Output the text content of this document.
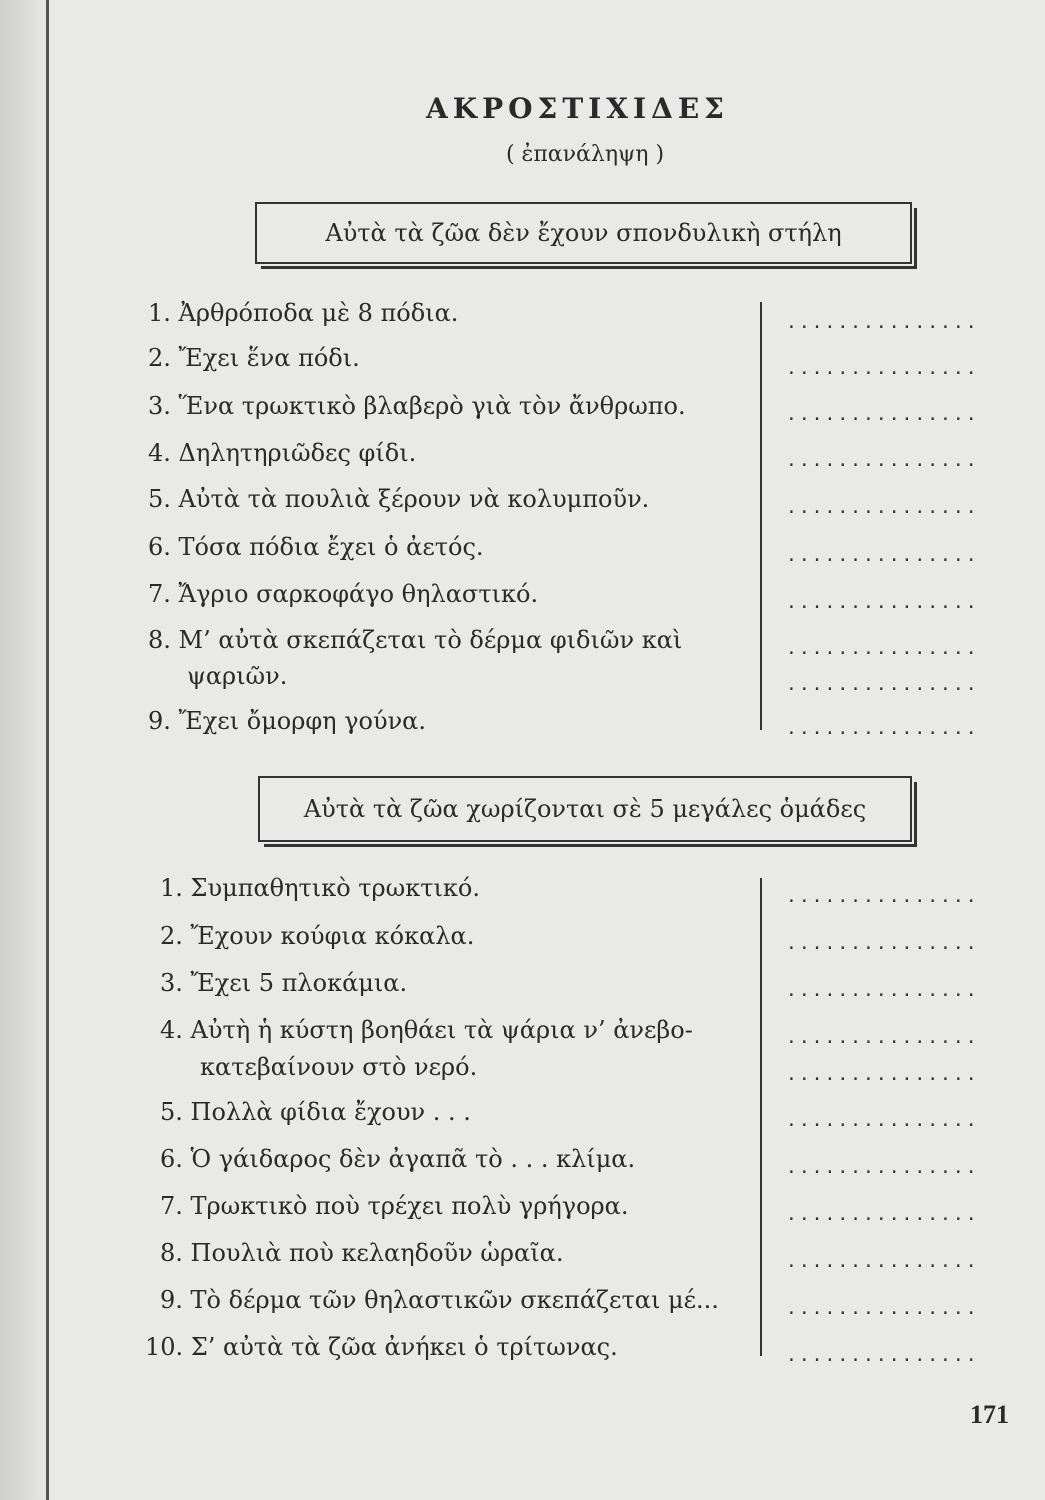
ΑΚΡΟΣΤΙΧΙΔΕΣ
( ἐπανάληψη )
Αὐτὰ τὰ ζῶα δὲν ἔχουν σπονδυλικὴ στήλη
1. Ἀρθρόποδα μὲ 8 πόδια.
2. Ἔχει ἕνα πόδι.
3. Ἕνα τρωκτικὸ βλαβερὸ γιὰ τὸν ἄνθρωπο.
4. Δηλητηριῶδες φίδι.
5. Αὐτὰ τὰ πουλιὰ ξέρουν νὰ κολυμποῦν.
6. Τόσα πόδια ἔχει ὁ ἀετός.
7. Ἄγριο σαρκοφάγο θηλαστικό.
8. Μ’ αὐτὰ σκεπάζεται τὸ δέρμα φιδιῶν καὶ
ψαριῶν.
9. Ἔχει ὄμορφη γούνα.
...............
...............
...............
...............
...............
...............
...............
...............
...............
...............
Αὐτὰ τὰ ζῶα χωρίζονται σὲ 5 μεγάλες ὁμάδες
1. Συμπαθητικὸ τρωκτικό.
2. Ἔχουν κούφια κόκαλα.
3. Ἔχει 5 πλοκάμια.
4. Αὐτὴ ἡ κύστη βοηθάει τὰ ψάρια ν’ ἀνεβο-
κατεβαίνουν στὸ νερό.
5. Πολλὰ φίδια ἔχουν . . .
6. Ὁ γάιδαρος δὲν ἀγαπᾶ τὸ . . . κλίμα.
7. Τρωκτικὸ ποὺ τρέχει πολὺ γρήγορα.
8. Πουλιὰ ποὺ κελαηδοῦν ὡραῖα.
9. Τὸ δέρμα τῶν θηλαστικῶν σκεπάζεται μέ...
10. Σ’ αὐτὰ τὰ ζῶα ἀνήκει ὁ τρίτωνας.
...............
...............
...............
...............
...............
...............
...............
...............
...............
...............
...............
171
